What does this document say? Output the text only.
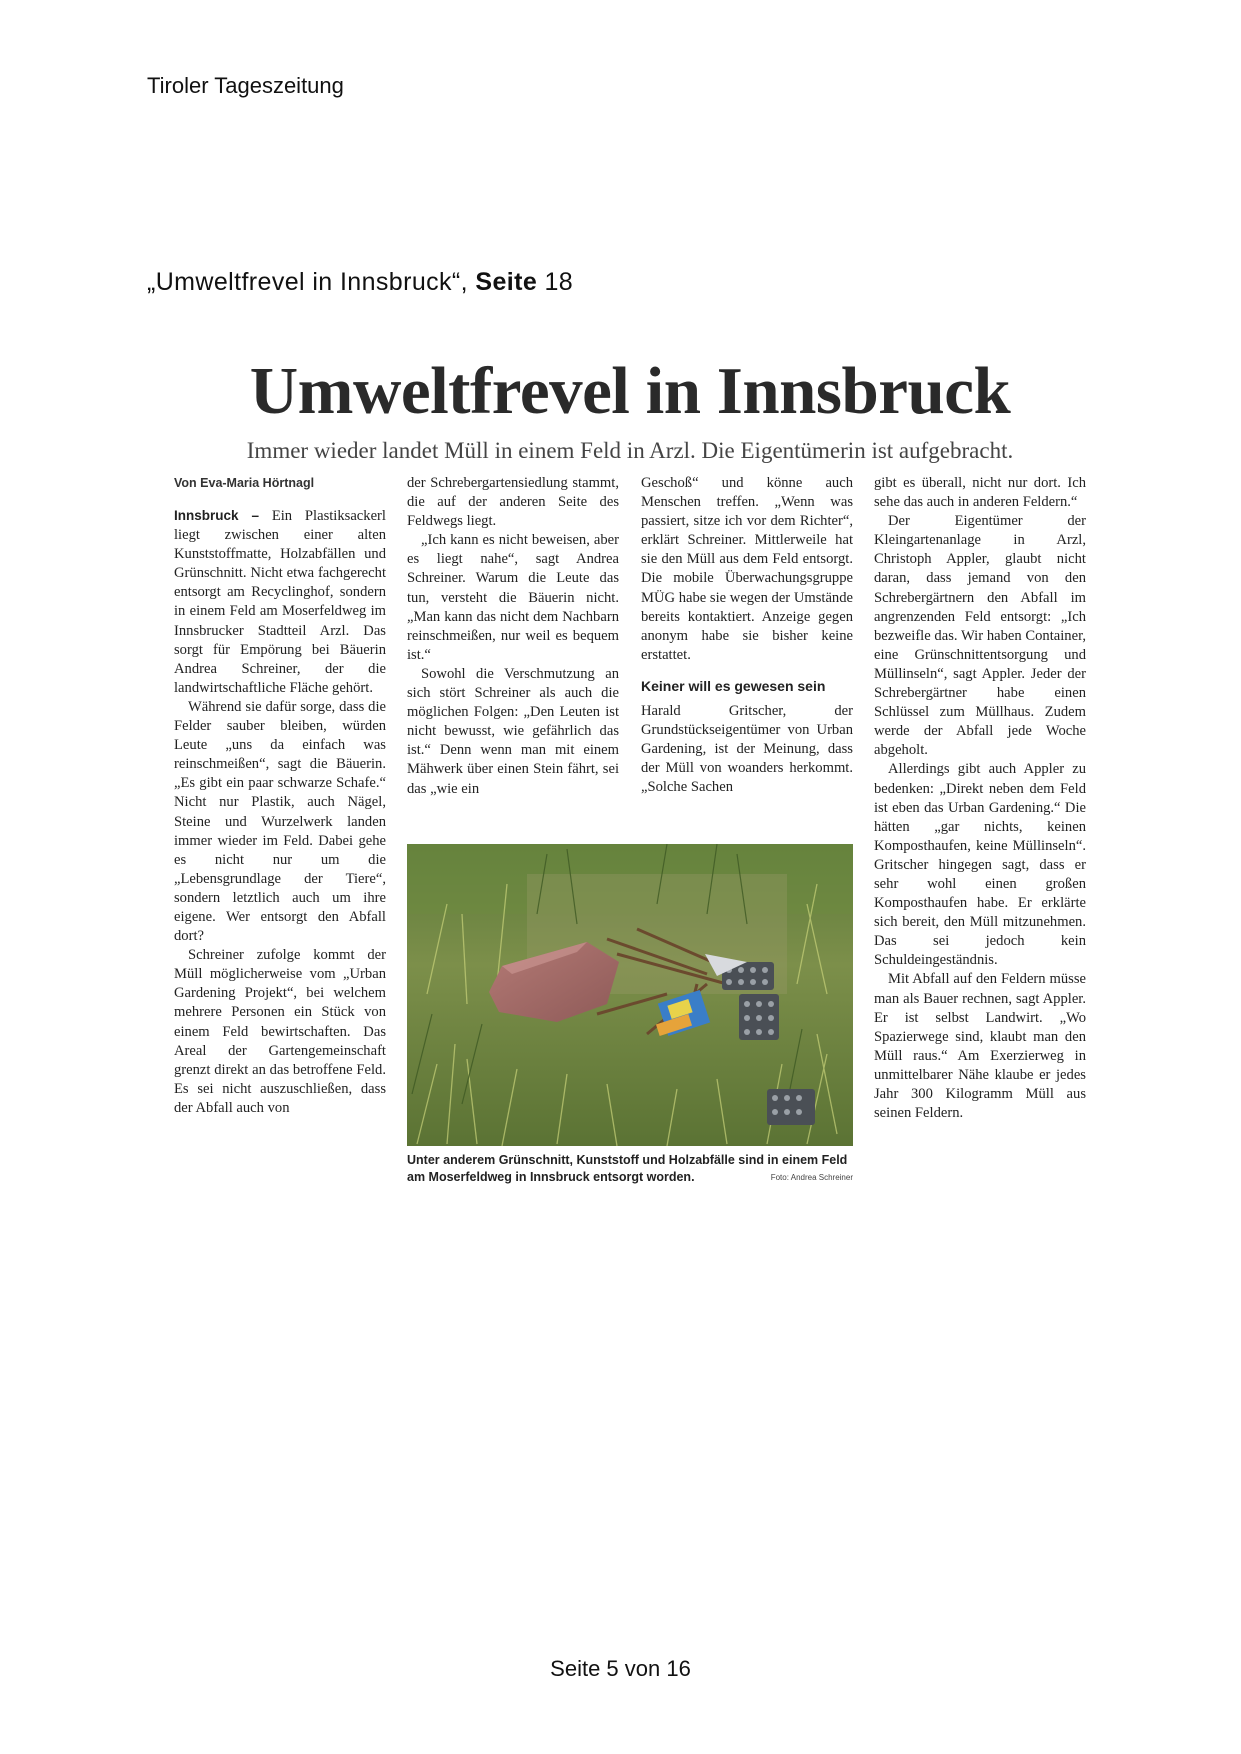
Tiroler Tageszeitung
„Umweltfrevel in Innsbruck“, Seite 18
Umweltfrevel in Innsbruck
Immer wieder landet Müll in einem Feld in Arzl. Die Eigentümerin ist aufgebracht.
Von Eva-Maria Hörtnagl

Innsbruck – Ein Plastiksackerl liegt zwischen einer alten Kunststoffmatte, Holzabfällen und Grünschnitt. Nicht etwa fachgerecht entsorgt am Recyclinghof, sondern in einem Feld am Moserfeldweg im Innsbrucker Stadtteil Arzl. Das sorgt für Empörung bei Bäuerin Andrea Schreiner, der die landwirtschaftliche Fläche gehört.

Während sie dafür sorge, dass die Felder sauber bleiben, würden Leute „uns da einfach was reinschmeißen“, sagt die Bäuerin. „Es gibt ein paar schwarze Schafe.“ Nicht nur Plastik, auch Nägel, Steine und Wurzelwerk landen immer wieder im Feld. Dabei gehe es nicht nur um die „Lebensgrundlage der Tiere“, sondern letztlich auch um ihre eigene. Wer entsorgt den Abfall dort?

Schreiner zufolge kommt der Müll möglicherweise vom „Urban Gardening Projekt“, bei welchem mehrere Personen ein Stück von einem Feld bewirtschaften. Das Areal der Gartengemeinschaft grenzt direkt an das betroffene Feld. Es sei nicht auszuschließen, dass der Abfall auch von

der Schrebergartensiedlung stammt, die auf der anderen Seite des Feldwegs liegt.

„Ich kann es nicht beweisen, aber es liegt nahe“, sagt Andrea Schreiner. Warum die Leute das tun, versteht die Bäuerin nicht. „Man kann das nicht dem Nachbarn reinschmeißen, nur weil es bequem ist.“

Sowohl die Verschmutzung an sich stört Schreiner als auch die möglichen Folgen: „Den Leuten ist nicht bewusst, wie gefährlich das ist.“ Denn wenn man mit einem Mähwerk über einen Stein fährt, sei das „wie ein

Geschoß“ und könne auch Menschen treffen. „Wenn was passiert, sitze ich vor dem Richter“, erklärt Schreiner. Mittlerweile hat sie den Müll aus dem Feld entsorgt. Die mobile Überwachungsgruppe MÜG habe sie wegen der Umstände bereits kontaktiert. Anzeige gegen anonym habe sie bisher keine erstattet.

Keiner will es gewesen sein

Harald Gritscher, der Grundstückseigentümer von Urban Gardening, ist der Meinung, dass der Müll von woanders herkommt. „Solche Sachen

gibt es überall, nicht nur dort. Ich sehe das auch in anderen Feldern.“

Der Eigentümer der Kleingartenanlage in Arzl, Christoph Appler, glaubt nicht daran, dass jemand von den Schrebergärtnern den Abfall im angrenzenden Feld entsorgt: „Ich bezweifle das. Wir haben Container, eine Grünschnittentsorgung und Müllinseln“, sagt Appler. Jeder der Schrebergärtner habe einen Schlüssel zum Müllhaus. Zudem werde der Abfall jede Woche abgeholt.

Allerdings gibt auch Appler zu bedenken: „Direkt neben dem Feld ist eben das Urban Gardening.“ Die hätten „gar nichts, keinen Komposthaufen, keine Müllinseln“. Gritscher hingegen sagt, dass er sehr wohl einen großen Komposthaufen habe. Er erklärte sich bereit, den Müll mitzunehmen. Das sei jedoch kein Schuldeingeständnis.

Mit Abfall auf den Feldern müsse man als Bauer rechnen, sagt Appler. Er ist selbst Landwirt. „Wo Spazierwege sind, klaubt man den Müll raus.“ Am Exerzierweg in unmittelbarer Nähe klaube er jedes Jahr 300 Kilogramm Müll aus seinen Feldern.

Unter anderem Grünschnitt, Kunststoff und Holzabfälle sind in einem Feld am Moserfeldweg in Innsbruck entsorgt worden.	Foto: Andrea Schreiner
Seite 5 von 16
